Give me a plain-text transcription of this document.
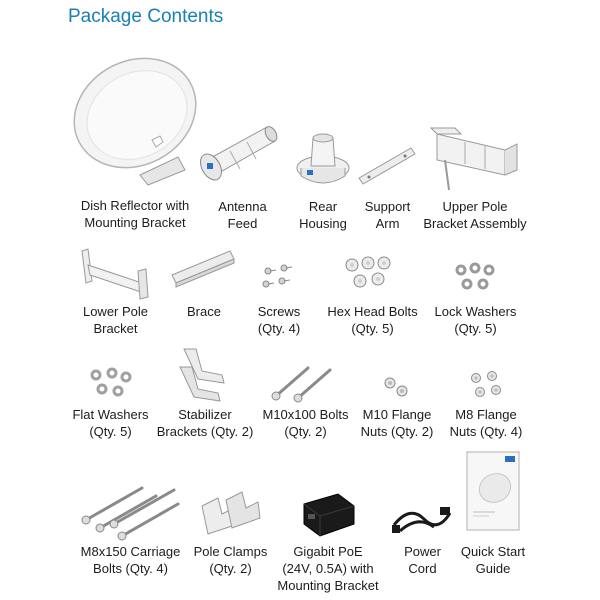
Package Contents
Dish Reflector with
Mounting Bracket
Antenna
Feed
Rear
Housing
Support
Arm
Upper Pole
Bracket Assembly
Lower Pole
Bracket
Brace	Screws
(Qty. 4)
Hex Head Bolts
(Qty. 5)
Lock Washers
(Qty. 5)
Flat Washers
(Qty. 5)
Stabilizer
Brackets (Qty. 2)
M10x100 Bolts
(Qty. 2)
M10 Flange
Nuts (Qty. 2)
M8 Flange
Nuts (Qty. 4)
M8x150 Carriage
Bolts (Qty. 4)
Pole Clamps
(Qty. 2)
Gigabit PoE
(24V, 0.5A) with
Mounting Bracket
Power
Cord
Quick Start
Guide
